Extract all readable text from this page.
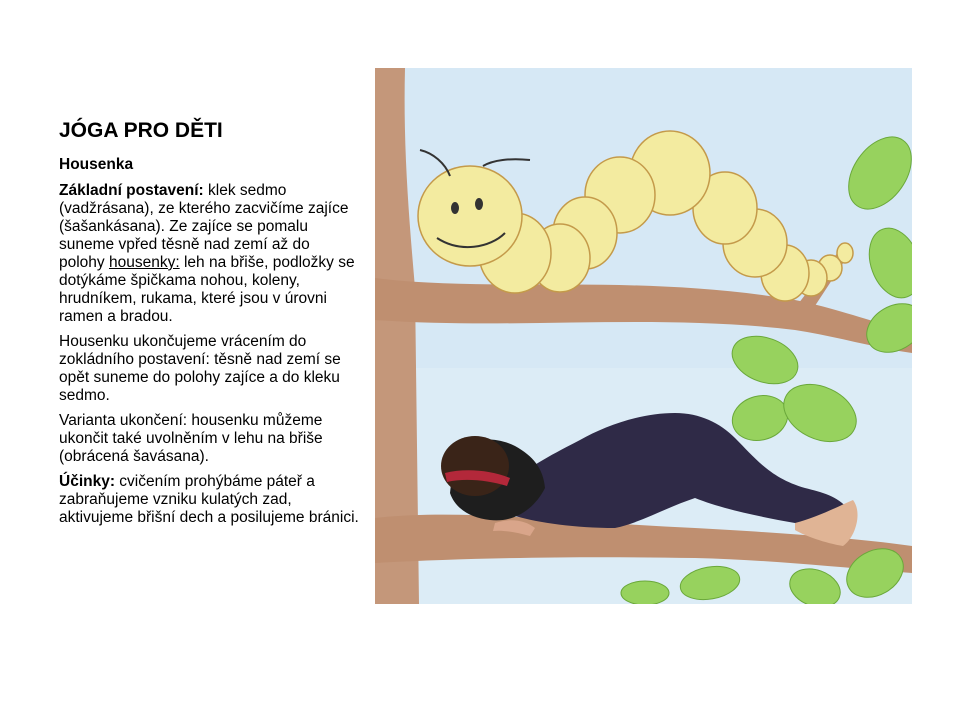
JÓGA PRO DĚTI
Housenka

Základní postavení: klek sedmo (vadžrásana), ze kterého zacvičíme zajíce (šašankásana). Ze zajíce se pomalu suneme vpřed těsně nad zemí až do polohy housenky: leh na břiše, podložky se dotýkáme špičkama nohou, koleny, hrudníkem, rukama, které jsou v úrovni ramen a bradou.

Housenku ukončujeme vrácením do zokládního postavení: těsně nad zemí se opět suneme do polohy zajíce a do kleku sedmo.

Varianta ukončení: housenku můžeme ukončit také uvolněním v lehu na břiše (obrácená šavásana).

Účinky: cvičením prohýbáme páteř a zabraňujeme vzniku kulatých zad, aktivujeme břišní dech a posilujeme bránici.
